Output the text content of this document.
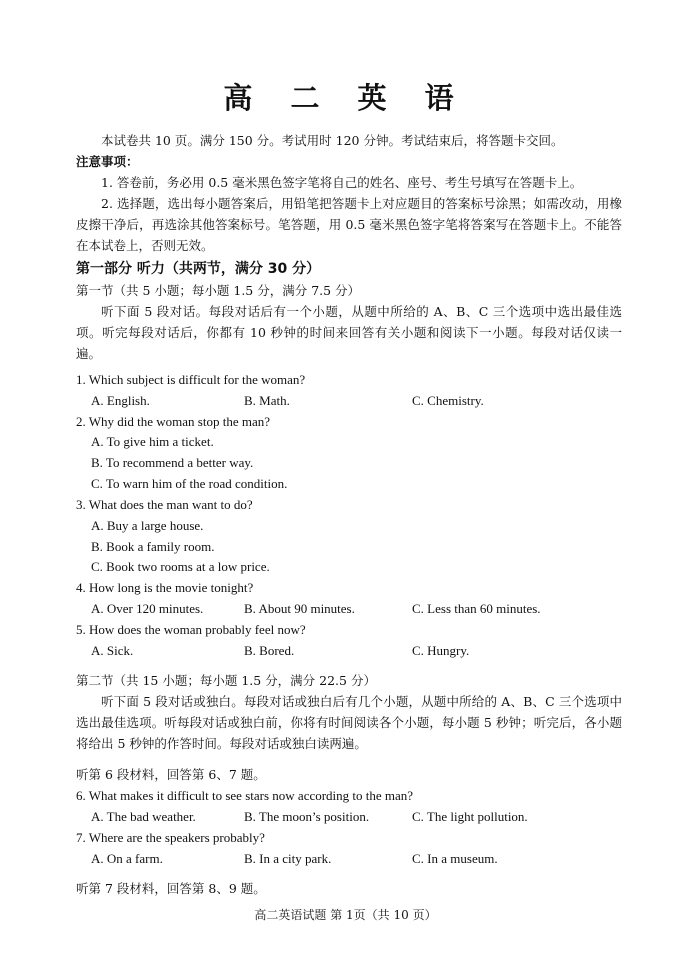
高 二 英 语
本试卷共 10 页。满分 150 分。考试用时 120 分钟。考试结束后，将答题卡交回。
注意事项：
1. 答卷前，务必用 0.5 毫米黑色签字笔将自己的姓名、座号、考生号填写在答题卡上。
2. 选择题，选出每小题答案后，用铅笔把答题卡上对应题目的答案标号涂黑；如需改动，用橡皮擦干净后，再选涂其他答案标号。笔答题，用 0.5 毫米黑色签字笔将答案写在答题卡上。不能答在本试卷上，否则无效。
第一部分 听力（共两节，满分 30 分）
第一节（共 5 小题；每小题 1.5 分，满分 7.5 分）
听下面 5 段对话。每段对话后有一个小题，从题中所给的 A、B、C 三个选项中选出最佳选项。听完每段对话后，你都有 10 秒钟的时间来回答有关小题和阅读下一小题。每段对话仅读一遍。
1. Which subject is difficult for the woman?
A. English.	B. Math.	C. Chemistry.
2. Why did the woman stop the man?
A. To give him a ticket.
B. To recommend a better way.
C. To warn him of the road condition.
3. What does the man want to do?
A. Buy a large house.
B. Book a family room.
C. Book two rooms at a low price.
4. How long is the movie tonight?
A. Over 120 minutes.	B. About 90 minutes.	C. Less than 60 minutes.
5. How does the woman probably feel now?
A. Sick.	B. Bored.	C. Hungry.
第二节（共 15 小题；每小题 1.5 分，满分 22.5 分）
听下面 5 段对话或独白。每段对话或独白后有几个小题，从题中所给的 A、B、C 三个选项中选出最佳选项。听每段对话或独白前，你将有时间阅读各个小题，每小题 5 秒钟；听完后，各小题将给出 5 秒钟的作答时间。每段对话或独白读两遍。
听第 6 段材料，回答第 6、7 题。
6. What makes it difficult to see stars now according to the man?
A. The bad weather.	B. The moon’s position.	C. The light pollution.
7. Where are the speakers probably?
A. On a farm.	B. In a city park.	C. In a museum.
听第 7 段材料，回答第 8、9 题。
高二英语试题 第 1页（共 10 页）
